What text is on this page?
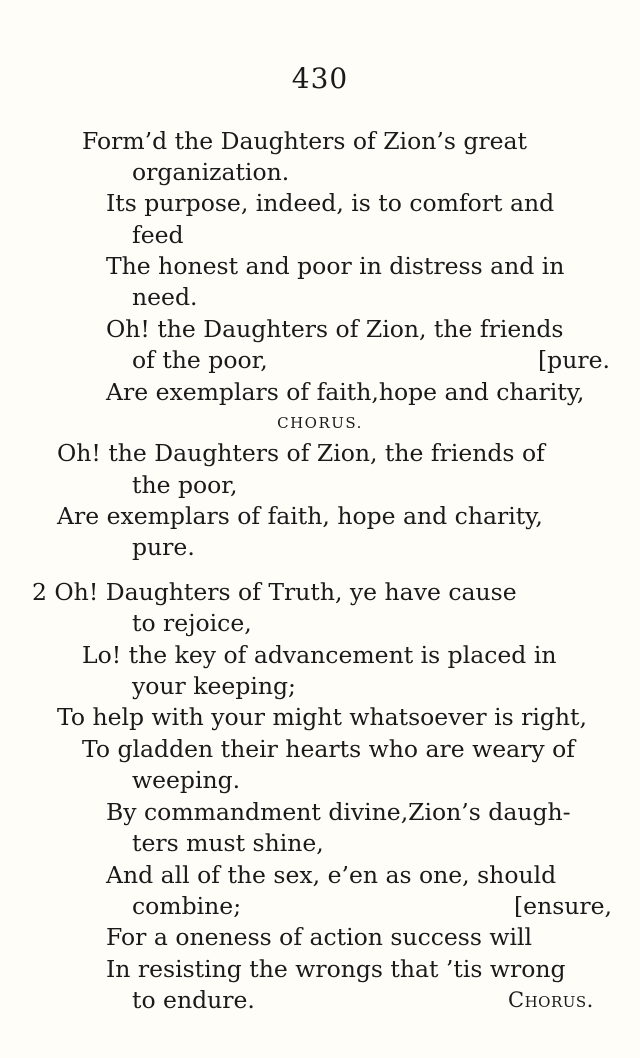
430
Form’d the Daughters of Zion’s great
organization.
Its purpose, indeed, is to comfort and
feed
The honest and poor in distress and in
need.
Oh! the Daughters of Zion, the friends
of the poor,	[pure.
Are exemplars of faith,hope and charity,
CHORUS.
Oh! the Daughters of Zion, the friends of
the poor,
Are exemplars of faith, hope and charity,
pure.
2 Oh! Daughters of Truth, ye have cause
to rejoice,
Lo! the key of advancement is placed in
your keeping;
To help with your might whatsoever is right,
To gladden their hearts who are weary of
weeping.
By commandment divine,Zion’s daugh-
ters must shine,
And all of the sex, e’en as one, should
combine;	[ensure,
For a oneness of action success will
In resisting the wrongs that ’tis wrong
to endure.	Chorus.
